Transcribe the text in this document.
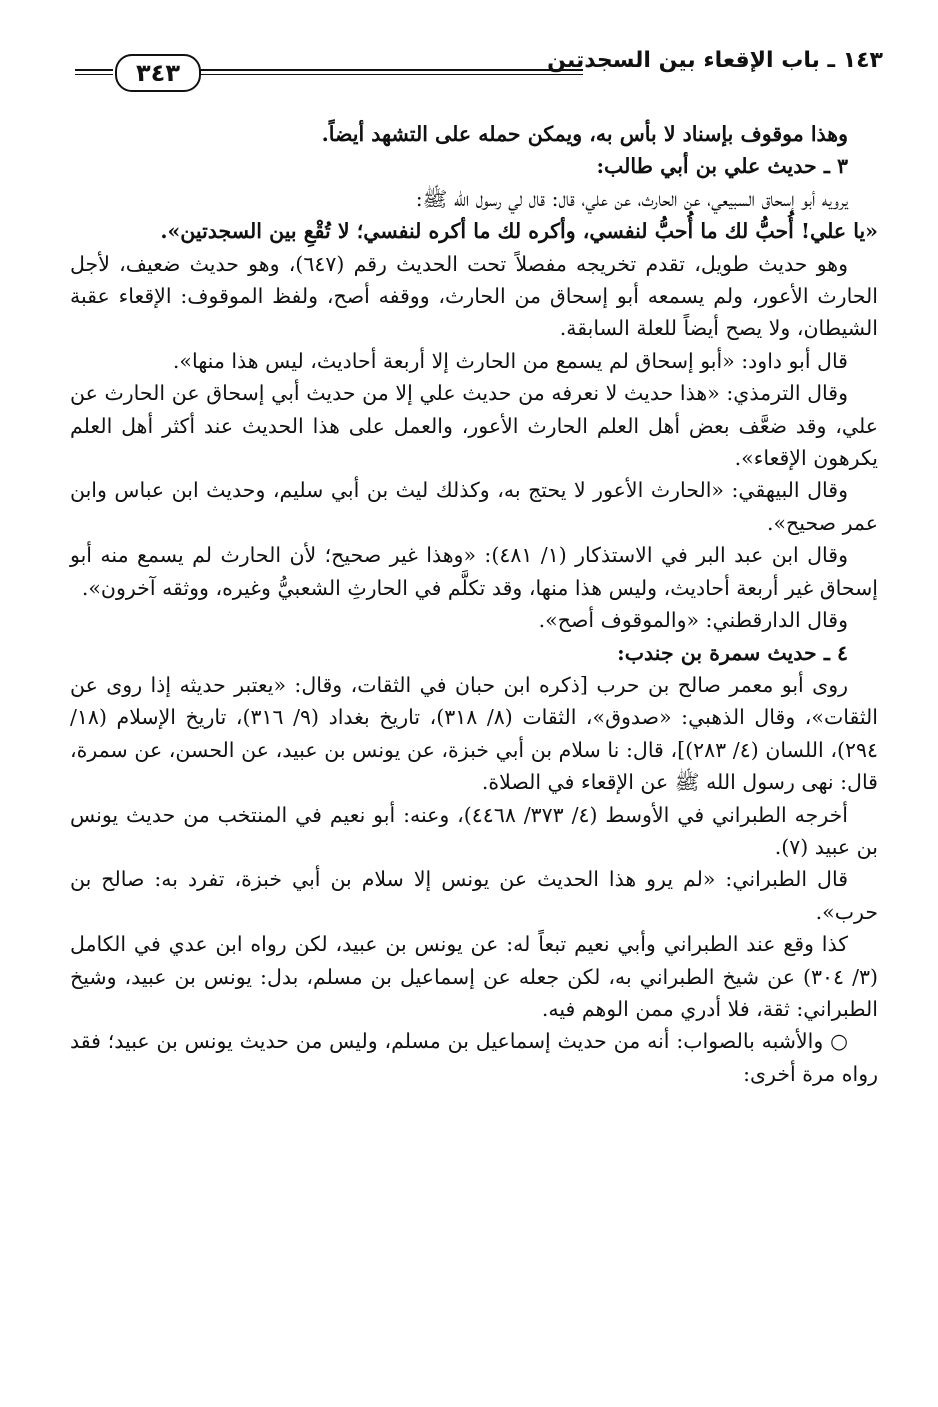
١٤٣ ـ باب الإقعاء بين السجدتين
٣٤٣

وهذا موقوف بإسناد لا بأس به، ويمكن حمله على التشهد أيضاً.

٣ ـ حديث علي بن أبي طالب:

يرويه أبو إسحاق السبيعي، عن الحارث، عن علي، قال: قال لي رسول الله ﷺ:

«يا علي! أُحبُّ لك ما أُحبُّ لنفسي، وأكره لك ما أكره لنفسي؛ لا تُقْعِ بين السجدتين».

وهو حديث طويل، تقدم تخريجه مفصلاً تحت الحديث رقم (٦٤٧)، وهو حديث ضعيف، لأجل الحارث الأعور، ولم يسمعه أبو إسحاق من الحارث، ووقفه أصح، ولفظ الموقوف: الإقعاء عقبة الشيطان، ولا يصح أيضاً للعلة السابقة.

قال أبو داود: «أبو إسحاق لم يسمع من الحارث إلا أربعة أحاديث، ليس هذا منها».

وقال الترمذي: «هذا حديث لا نعرفه من حديث علي إلا من حديث أبي إسحاق عن الحارث عن علي، وقد ضعَّف بعض أهل العلم الحارث الأعور، والعمل على هذا الحديث عند أكثر أهل العلم يكرهون الإقعاء».

وقال البيهقي: «الحارث الأعور لا يحتج به، وكذلك ليث بن أبي سليم، وحديث ابن عباس وابن عمر صحيح».

وقال ابن عبد البر في الاستذكار (١/ ٤٨١): «وهذا غير صحيح؛ لأن الحارث لم يسمع منه أبو إسحاق غير أربعة أحاديث، وليس هذا منها، وقد تكلَّم في الحارثِ الشعبيُّ وغيره، ووثقه آخرون».

وقال الدارقطني: «والموقوف أصح».

٤ ـ حديث سمرة بن جندب:

روى أبو معمر صالح بن حرب [ذكره ابن حبان في الثقات، وقال: «يعتبر حديثه إذا روى عن الثقات»، وقال الذهبي: «صدوق»، الثقات (٨/ ٣١٨)، تاريخ بغداد (٩/ ٣١٦)، تاريخ الإسلام (١٨/ ٢٩٤)، اللسان (٤/ ٢٨٣)]، قال: نا سلام بن أبي خبزة، عن يونس بن عبيد، عن الحسن، عن سمرة، قال: نهى رسول الله ﷺ عن الإقعاء في الصلاة.

أخرجه الطبراني في الأوسط (٤/ ٣٧٣/ ٤٤٦٨)، وعنه: أبو نعيم في المنتخب من حديث يونس بن عبيد (٧).

قال الطبراني: «لم يرو هذا الحديث عن يونس إلا سلام بن أبي خبزة، تفرد به: صالح بن حرب».

كذا وقع عند الطبراني وأبي نعيم تبعاً له: عن يونس بن عبيد، لكن رواه ابن عدي في الكامل (٣/ ٣٠٤) عن شيخ الطبراني به، لكن جعله عن إسماعيل بن مسلم، بدل: يونس بن عبيد، وشيخ الطبراني: ثقة، فلا أدري ممن الوهم فيه.

○ والأشبه بالصواب: أنه من حديث إسماعيل بن مسلم، وليس من حديث يونس بن عبيد؛ فقد رواه مرة أخرى:
